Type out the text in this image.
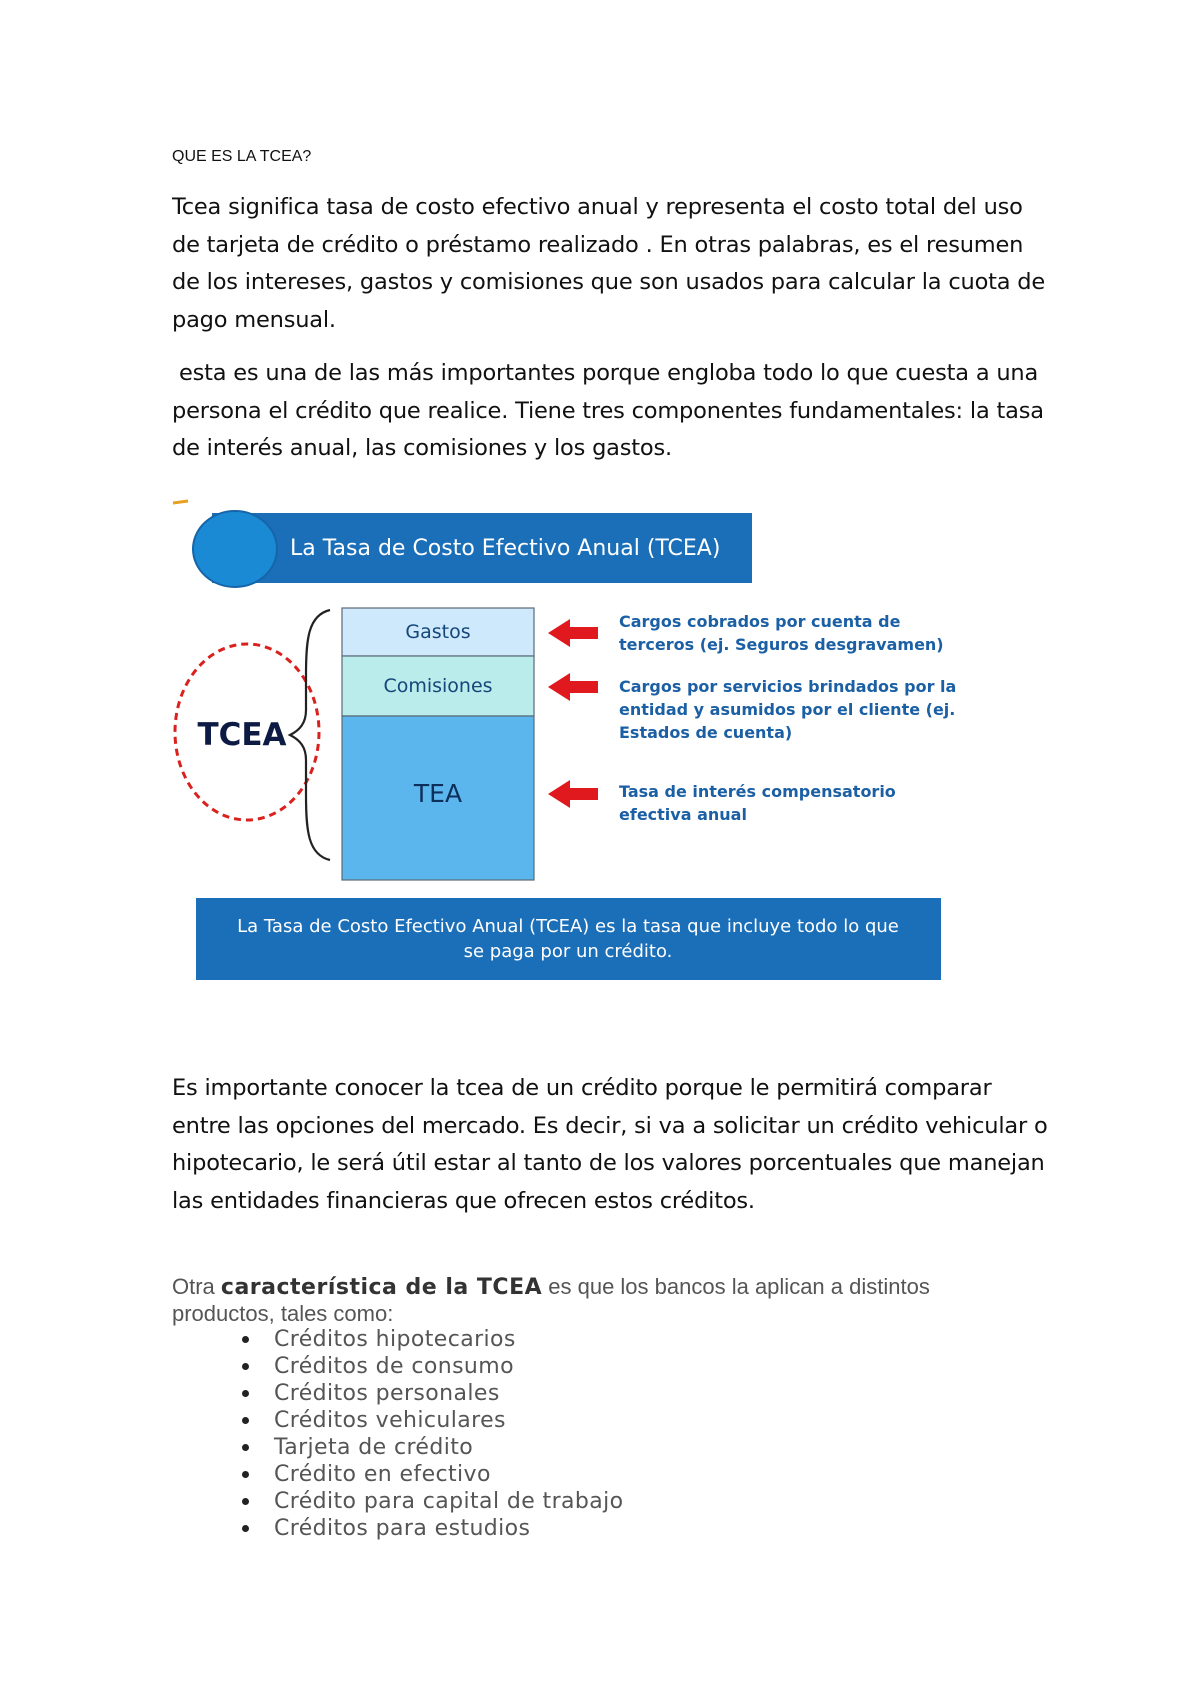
QUE ES LA TCEA?

Tcea significa tasa de costo efectivo anual y representa el costo total del uso de tarjeta de crédito o préstamo realizado . En otras palabras, es el resumen de los intereses, gastos y comisiones que son usados para calcular la cuota de pago mensual.

esta es una de las más importantes porque engloba todo lo que cuesta a una persona el crédito que realice. Tiene tres componentes fundamentales: la tasa de interés anual, las comisiones y los gastos.

La Tasa de Costo Efectivo Anual (TCEA)
TCEA
Gastos
Comisiones
TEA
Cargos cobrados por cuenta de
terceros (ej. Seguros desgravamen)
Cargos por servicios brindados por la
entidad y asumidos por el cliente (ej.
Estados de cuenta)
Tasa de interés compensatorio
efectiva anual
La Tasa de Costo Efectivo Anual (TCEA) es la tasa que incluye todo lo que
se paga por un crédito.

Es importante conocer la tcea de un crédito porque le permitirá comparar entre las opciones del mercado. Es decir, si va a solicitar un crédito vehicular o hipotecario, le será útil estar al tanto de los valores porcentuales que manejan las entidades financieras que ofrecen estos créditos.

Otra característica de la TCEA es que los bancos la aplican a distintos productos, tales como:
Créditos hipotecarios
Créditos de consumo
Créditos personales
Créditos vehiculares
Tarjeta de crédito
Crédito en efectivo
Crédito para capital de trabajo
Créditos para estudios
